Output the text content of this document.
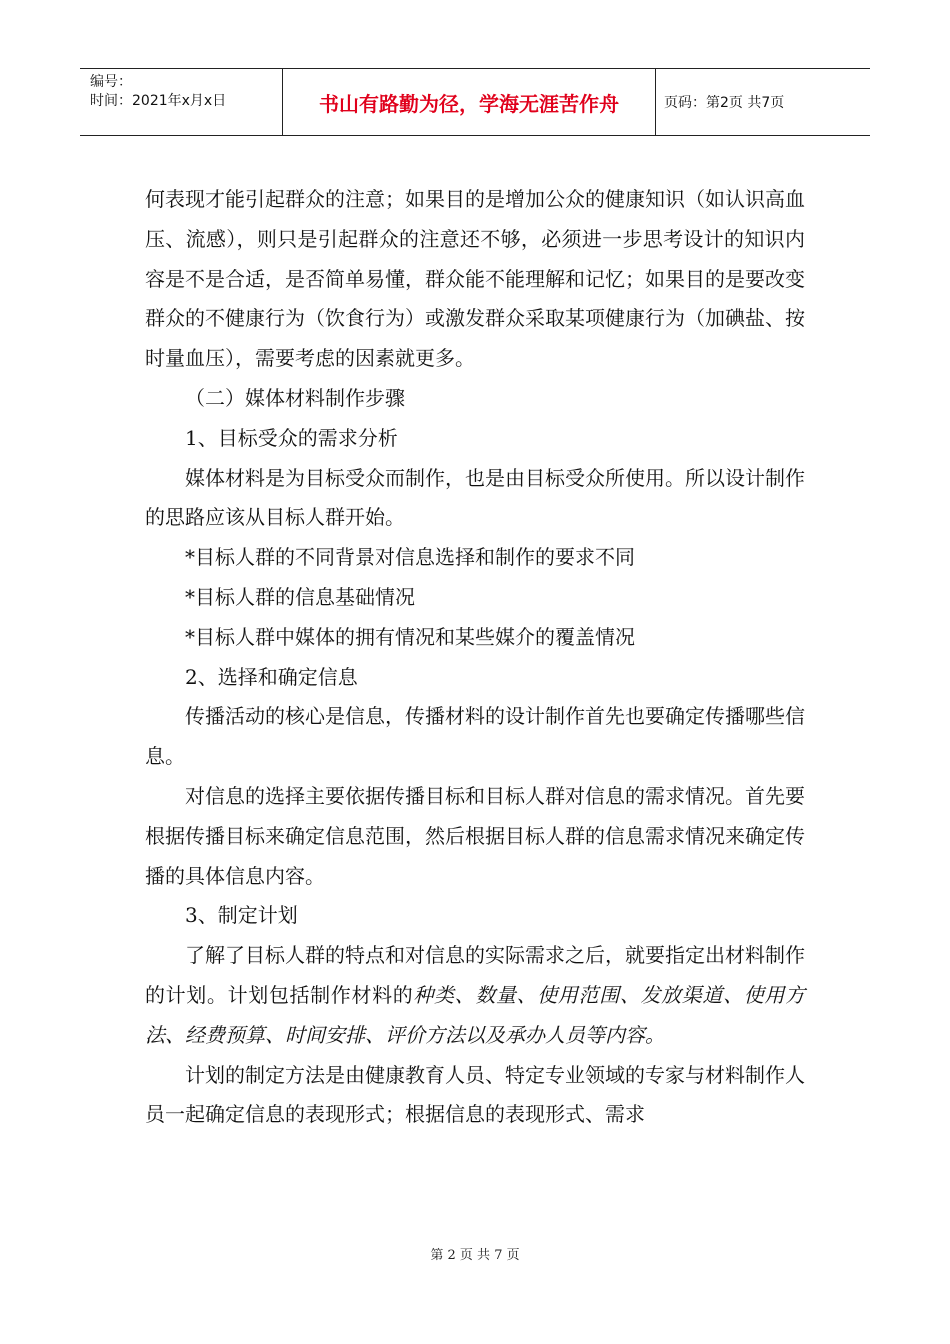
编号：
时间：2021年x月x日	书山有路勤为径，学海无涯苦作舟	页码：第2页 共7页

何表现才能引起群众的注意；如果目的是增加公众的健康知识（如认识高血压、流感），则只是引起群众的注意还不够，必须进一步思考设计的知识内容是不是合适，是否简单易懂，群众能不能理解和记忆；如果目的是要改变群众的不健康行为（饮食行为）或激发群众采取某项健康行为（加碘盐、按时量血压），需要考虑的因素就更多。

（二）媒体材料制作步骤

1、目标受众的需求分析

媒体材料是为目标受众而制作，也是由目标受众所使用。所以设计制作的思路应该从目标人群开始。

*目标人群的不同背景对信息选择和制作的要求不同

*目标人群的信息基础情况

*目标人群中媒体的拥有情况和某些媒介的覆盖情况

2、选择和确定信息

传播活动的核心是信息，传播材料的设计制作首先也要确定传播哪些信息。

对信息的选择主要依据传播目标和目标人群对信息的需求情况。首先要根据传播目标来确定信息范围，然后根据目标人群的信息需求情况来确定传播的具体信息内容。

3、制定计划

了解了目标人群的特点和对信息的实际需求之后，就要指定出材料制作的计划。计划包括制作材料的种类、数量、使用范围、发放渠道、使用方法、经费预算、时间安排、评价方法以及承办人员等内容。

计划的制定方法是由健康教育人员、特定专业领域的专家与材料制作人员一起确定信息的表现形式；根据信息的表现形式、需求

第 2 页 共 7 页
